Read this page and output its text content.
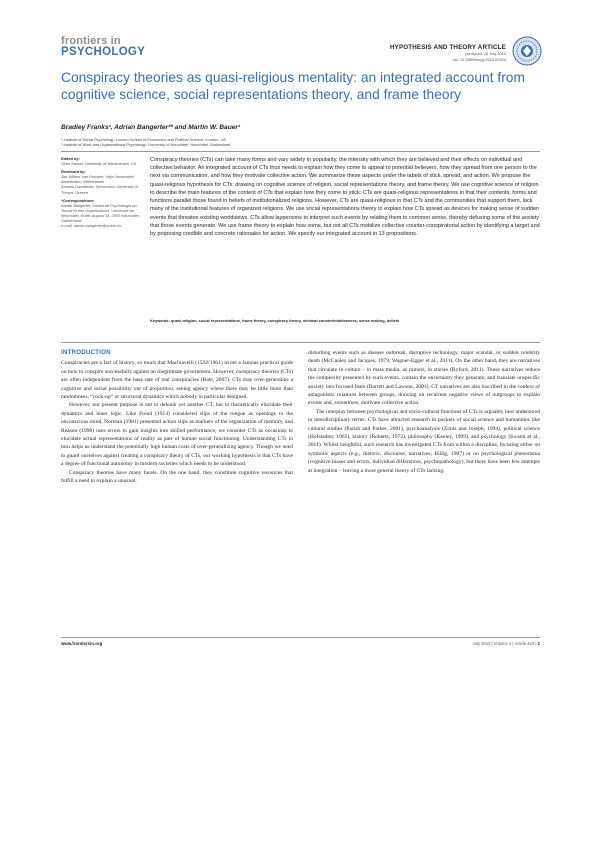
frontiers in
PSYCHOLOGY	HYPOTHESIS AND THEORY ARTICLE
published: 16 July 2013
doi: 10.3389/fpsyg.2013.00424
Conspiracy theories as quasi-religious mentality: an integrated account from cognitive science, social representations theory, and frame theory
Bradley Franks¹, Adrian Bangerter²* and Martin W. Bauer¹
¹ Institute of Social Psychology, London School of Economics and Political Science, London, UK
² Institute of Work and Organizational Psychology, University of Neuchâtel, Neuchâtel, Switzerland
Edited by:
Viren Swami, University of Westminster, UK
Reviewed by:
Jan-Willem Van Prooijen, Vrije Universiteit Amsterdam, Netherlands
Antonis Gardikiotis, Democritus University of Thrace, Greece
*Correspondence:
Adrian Bangerter, Institut de Psychologie du Travail et des Organisations, Université de Neuchâtel, Emile-Argand 11, 2000 Neuchâtel, Switzerland
e-mail: adrian.bangerter@unine.ch

Conspiracy theories (CTs) can take many forms and vary widely in popularity, the intensity with which they are believed and their effects on individual and collective behavior. An integrated account of CTs thus needs to explain how they come to appeal to potential believers, how they spread from one person to the next via communication, and how they motivate collective action. We summarize these aspects under the labels of stick, spread, and action. We propose the quasi-religious hypothesis for CTs: drawing on cognitive science of religion, social representations theory, and frame theory. We use cognitive science of religion to describe the main features of the content of CTs that explain how they come to stick: CTs are quasi-religious representations in that their contents, forms and functions parallel those found in beliefs of institutionalized religions. However, CTs are quasi-religious in that CTs and the communities that support them, lack many of the institutional features of organized religions. We use social representations theory to explain how CTs spread as devices for making sense of sudden events that threaten existing worldviews. CTs allow laypersons to interpret such events by relating them to common sense, thereby defusing some of the anxiety that those events generate. We use frame theory to explain how some, but not all CTs mobilize collective counter-conspiratorial action by identifying a target and by proposing credible and concrete rationales for action. We specify our integrated account in 13 propositions.

Keywords: quasi-religion, social representations, frame theory, conspiracy theory, minimal counterintuitiveness, sense making, beliefs
INTRODUCTION

Conspiracies are a fact of history, so much that Machiavelli (1532/1961) wrote a famous practical guide on how to conspire successfully against an illegitimate government. However, conspiracy theories (CTs) are often independent from the base rate of real conspiracies (Bale, 2007). CTs may over-generalize a cognitive and social possibility out of proportion, seeing agency where there may be little more than randomness, “cock-up” or structural dynamics which nobody in particular designed.

However, our present purpose is not to debunk yet another CT, but to theoretically elucidate their dynamics and inner logic. Like Freud (1914) considered slips of the tongue as openings to the unconscious mind, Norman (1981) presented action slips as markers of the organization of memory, and Reason (1990) uses errors to gain insights into skilled performance, we consider CTs as occasions to elucidate actual representations of reality as part of human social functioning. Understanding CTs in turn helps us understand the potentially high human costs of over-generalizing agency. Though we need to guard ourselves against creating a conspiracy theory of CTs, our working hypothesis is that CTs have a degree of functional autonomy in modern societies which needs to be understood.

Conspiracy theories have many facets. On the one hand, they constitute cognitive resources that fulfill a need to explain a unusual,

disturbing events such as disease outbreak, disruptive technology, major scandal, or sudden celebrity death (McCauley and Jacques, 1979; Wagner-Egger et al., 2011). On the other hand, they are narratives that circulate in culture – in mass media, as rumors, in stories (Byford, 2011). These narratives reduce the complexity presented by such events, contain the uncertainty they generate, and translate unspecific anxiety into focused fears (Barrett and Lawson, 2001). CT narratives are also inscribed in the context of antagonistic relations between groups, drawing on recurrent negative views of outgroups to explain events and, sometimes, motivate collective action.

The interplay between psychological and socio-cultural functions of CTs is arguably best understood in interdisciplinary terms. CTs have attracted research in pockets of social science and humanities like cultural studies (Parish and Parker, 2001), psychoanalysis (Zonis and Joseph, 1994), political science (Hofstadter, 1965), history (Roberts, 1972), philosophy (Keeley, 1999), and psychology (Swami et al., 2011). Whilst insightful, such research has investigated CTs from within a discipline, focusing either on symbolic aspects (e.g., rhetoric, discourse, narratives; Billig, 1987) or on psychological phenomena (cognitive biases and errors, individual differences, psychopathology), but there have been few attempts at integration – leaving a more general theory of CTs lacking.

www.frontiersin.org	July 2013 | Volume 4 | Article 424 | 1
